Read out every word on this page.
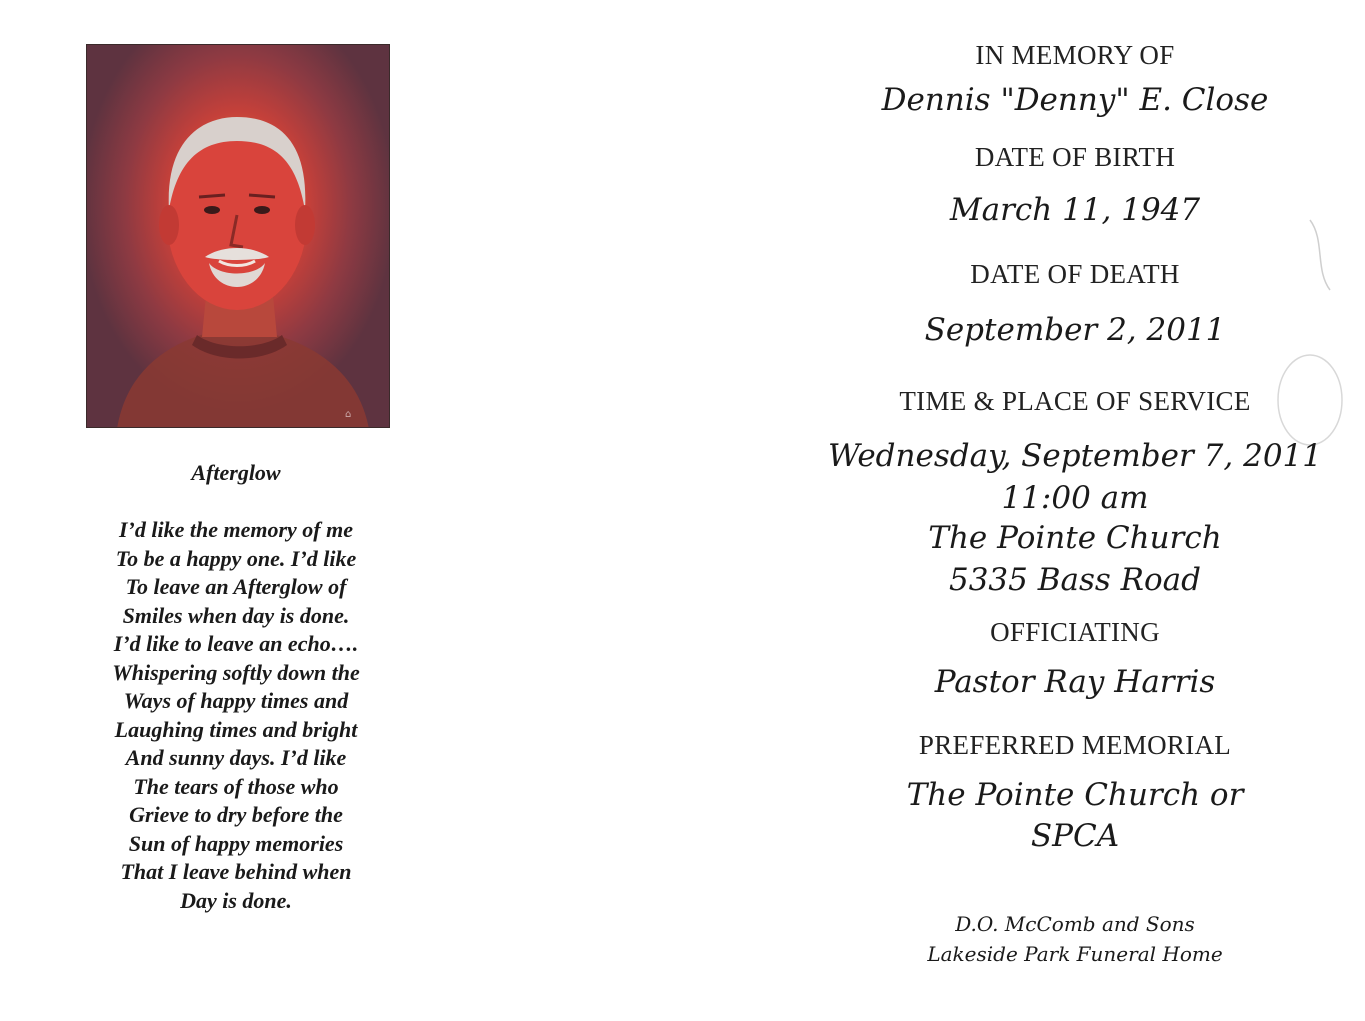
⌂
Afterglow
I’d like the memory of me
To be a happy one. I’d like
To leave an Afterglow of
Smiles when day is done.
I’d like to leave an echo….
Whispering softly down the
Ways of happy times and
Laughing times and bright
And sunny days. I’d like
The tears of those who
Grieve to dry before the
Sun of happy memories
That I leave behind when
Day is done.
IN MEMORY OF
Dennis "Denny" E. Close
DATE OF BIRTH
March 11, 1947
DATE OF DEATH
September 2, 2011
TIME & PLACE OF SERVICE
Wednesday, September 7, 2011
11:00 am
The Pointe Church
5335 Bass Road
OFFICIATING
Pastor Ray Harris
PREFERRED MEMORIAL
The Pointe Church or
SPCA
D.O. McComb and Sons
Lakeside Park Funeral Home
